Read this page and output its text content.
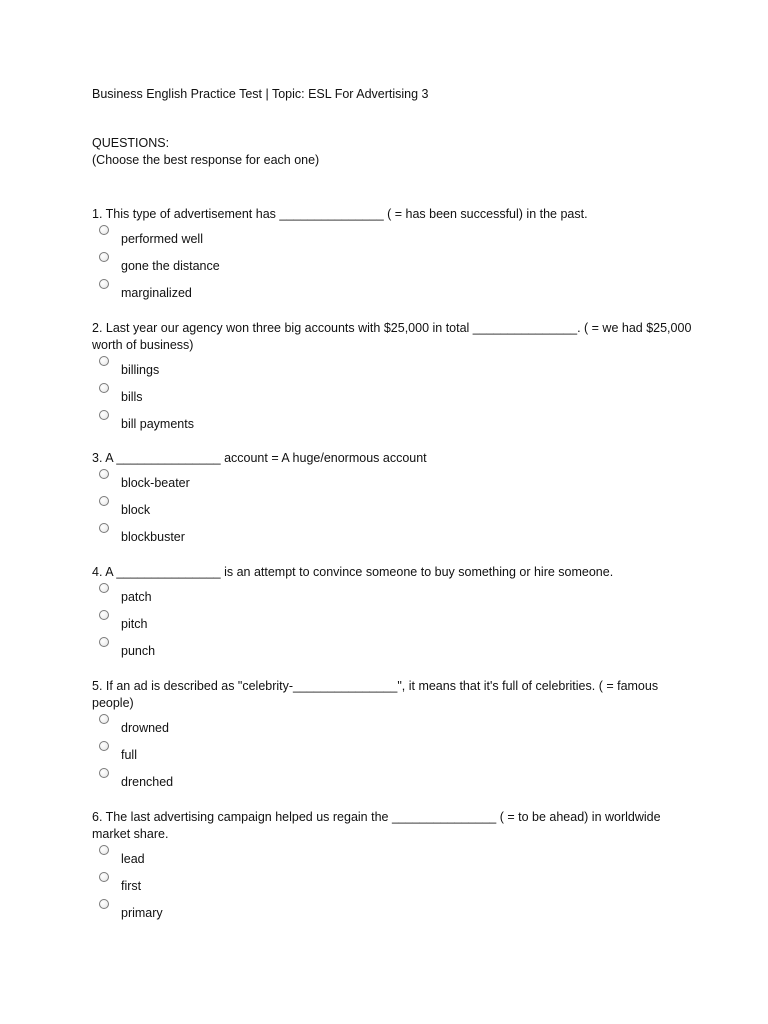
Business English Practice Test | Topic: ESL For Advertising 3
QUESTIONS:
(Choose the best response for each one)
1. This type of advertisement has _______________ ( = has been successful) in the past.
performed well
gone the distance
marginalized
2. Last year our agency won three big accounts with $25,000 in total _______________. ( = we had $25,000 worth of business)
billings
bills
bill payments
3. A _______________ account = A huge/enormous account
block-beater
block
blockbuster
4. A _______________ is an attempt to convince someone to buy something or hire someone.
patch
pitch
punch
5. If an ad is described as "celebrity-_______________", it means that it's full of celebrities. ( = famous people)
drowned
full
drenched
6. The last advertising campaign helped us regain the _______________ ( = to be ahead) in worldwide market share.
lead
first
primary
